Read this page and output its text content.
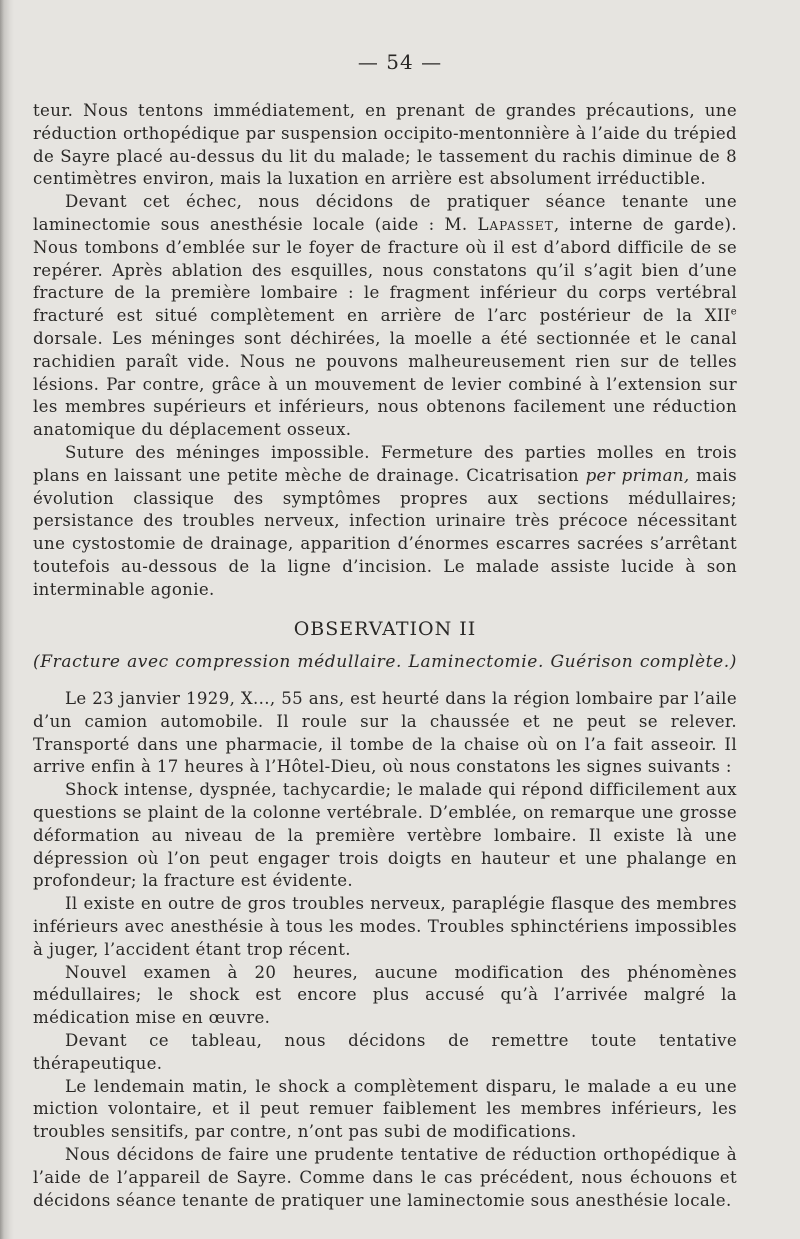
— 54 —

teur. Nous tentons immédiatement, en prenant de grandes précautions, une réduction orthopédique par suspension occipito-mentonnière à l’aide du trépied de Sayre placé au-dessus du lit du malade; le tassement du rachis diminue de 8 centimètres environ, mais la luxation en arrière est absolument irréductible.

Devant cet échec, nous décidons de pratiquer séance tenante une laminectomie sous anesthésie locale (aide : M. Lapasset, interne de garde). Nous tombons d’emblée sur le foyer de fracture où il est d’abord difficile de se repérer. Après ablation des esquilles, nous constatons qu’il s’agit bien d’une fracture de la première lombaire : le fragment inférieur du corps vertébral fracturé est situé complètement en arrière de l’arc postérieur de la XIIe dorsale. Les méninges sont déchirées, la moelle a été sectionnée et le canal rachidien paraît vide. Nous ne pouvons malheureusement rien sur de telles lésions. Par contre, grâce à un mouvement de levier combiné à l’extension sur les membres supérieurs et inférieurs, nous obtenons facilement une réduction anatomique du déplacement osseux.

Suture des méninges impossible. Fermeture des parties molles en trois plans en laissant une petite mèche de drainage. Cicatrisation per priman, mais évolution classique des symptômes propres aux sections médullaires; persistance des troubles nerveux, infection urinaire très précoce nécessitant une cystostomie de drainage, apparition d’énormes escarres sacrées s’arrêtant toutefois au-dessous de la ligne d’incision. Le malade assiste lucide à son interminable agonie.

OBSERVATION II
(Fracture avec compression médullaire. Laminectomie. Guérison complète.)

Le 23 janvier 1929, X..., 55 ans, est heurté dans la région lombaire par l’aile d’un camion automobile. Il roule sur la chaussée et ne peut se relever. Transporté dans une pharmacie, il tombe de la chaise où on l’a fait asseoir. Il arrive enfin à 17 heures à l’Hôtel-Dieu, où nous constatons les signes suivants :

Shock intense, dyspnée, tachycardie; le malade qui répond difficilement aux questions se plaint de la colonne vertébrale. D’emblée, on remarque une grosse déformation au niveau de la première vertèbre lombaire. Il existe là une dépression où l’on peut engager trois doigts en hauteur et une phalange en profondeur; la fracture est évidente.

Il existe en outre de gros troubles nerveux, paraplégie flasque des membres inférieurs avec anesthésie à tous les modes. Troubles sphinctériens impossibles à juger, l’accident étant trop récent.

Nouvel examen à 20 heures, aucune modification des phénomènes médullaires; le shock est encore plus accusé qu’à l’arrivée malgré la médication mise en œuvre.

Devant ce tableau, nous décidons de remettre toute tentative thérapeutique.

Le lendemain matin, le shock a complètement disparu, le malade a eu une miction volontaire, et il peut remuer faiblement les membres inférieurs, les troubles sensitifs, par contre, n’ont pas subi de modifications.

Nous décidons de faire une prudente tentative de réduction orthopédique à l’aide de l’appareil de Sayre. Comme dans le cas précédent, nous échouons et décidons séance tenante de pratiquer une laminectomie sous anesthésie locale.
